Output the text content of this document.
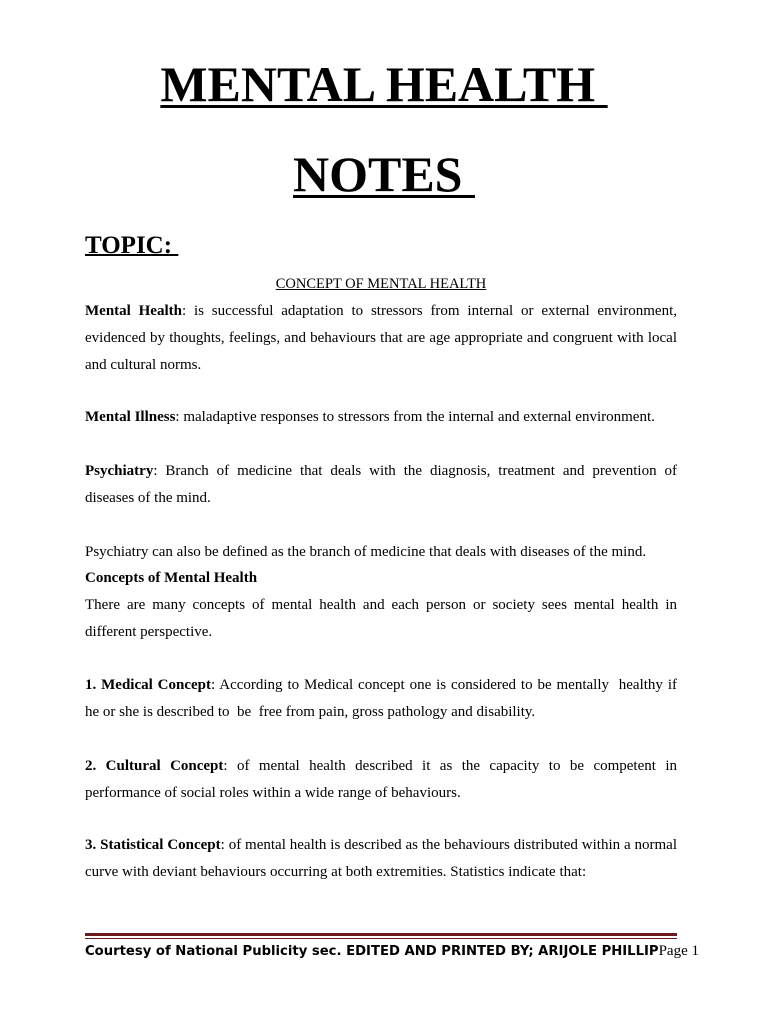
MENTAL HEALTH
NOTES
TOPIC:
CONCEPT OF MENTAL HEALTH
Mental Health: is successful adaptation to stressors from internal or external environment, evidenced by thoughts, feelings, and behaviours that are age appropriate and congruent with local and cultural norms.
Mental Illness: maladaptive responses to stressors from the internal and external environment.
Psychiatry: Branch of medicine that deals with the diagnosis, treatment and prevention of diseases of the mind.
Psychiatry can also be defined as the branch of medicine that deals with diseases of the mind.
Concepts of Mental Health
There are many concepts of mental health and each person or society sees mental health in different perspective.
1. Medical Concept: According to Medical concept one is considered to be mentally  healthy if he or she is described to  be  free from pain, gross pathology and disability.
2. Cultural Concept: of mental health described it as the capacity to be competent in performance of social roles within a wide range of behaviours.
3. Statistical Concept: of mental health is described as the behaviours distributed within a normal curve with deviant behaviours occurring at both extremities. Statistics indicate that:
Courtesy of National Publicity sec. EDITED AND PRINTED BY; ARIJOLE PHILLIPPage 1
